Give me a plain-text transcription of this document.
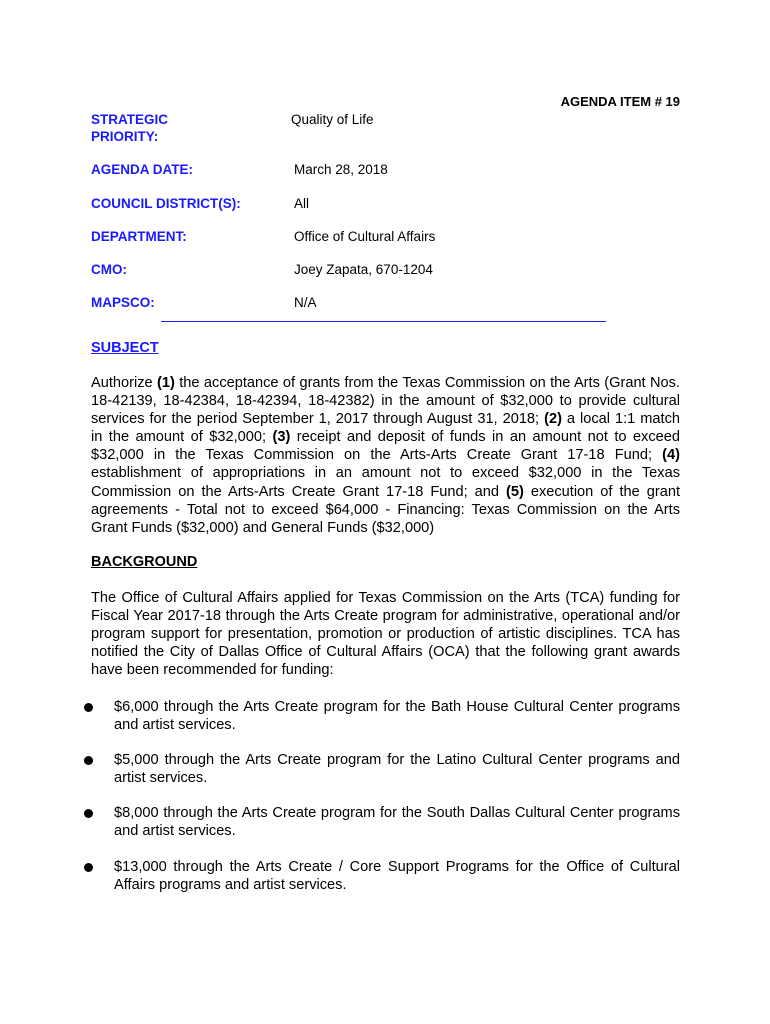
AGENDA ITEM # 19
STRATEGIC
PRIORITY:
Quality of Life
AGENDA DATE:	March 28, 2018
COUNCIL DISTRICT(S):	All
DEPARTMENT:	Office of Cultural Affairs
CMO:	Joey Zapata, 670-1204
MAPSCO:	N/A
SUBJECT
Authorize (1) the acceptance of grants from the Texas Commission on the Arts (Grant Nos. 18-42139, 18-42384, 18-42394, 18-42382) in the amount of $32,000 to provide cultural services for the period September 1, 2017 through August 31, 2018; (2) a local 1:1 match in the amount of $32,000; (3) receipt and deposit of funds in an amount not to exceed $32,000 in the Texas Commission on the Arts-Arts Create Grant 17-18 Fund; (4) establishment of appropriations in an amount not to exceed $32,000 in the Texas Commission on the Arts-Arts Create Grant 17-18 Fund; and (5) execution of the grant agreements - Total not to exceed $64,000 - Financing: Texas Commission on the Arts Grant Funds ($32,000) and General Funds ($32,000)
BACKGROUND
The Office of Cultural Affairs applied for Texas Commission on the Arts (TCA) funding for Fiscal Year 2017-18 through the Arts Create program for administrative, operational and/or program support for presentation, promotion or production of artistic disciplines. TCA has notified the City of Dallas Office of Cultural Affairs (OCA) that the following grant awards have been recommended for funding:
$6,000 through the Arts Create program for the Bath House Cultural Center programs and artist services.
$5,000 through the Arts Create program for the Latino Cultural Center programs and artist services.
$8,000 through the Arts Create program for the South Dallas Cultural Center programs and artist services.
$13,000 through the Arts Create / Core Support Programs for the Office of Cultural Affairs programs and artist services.
